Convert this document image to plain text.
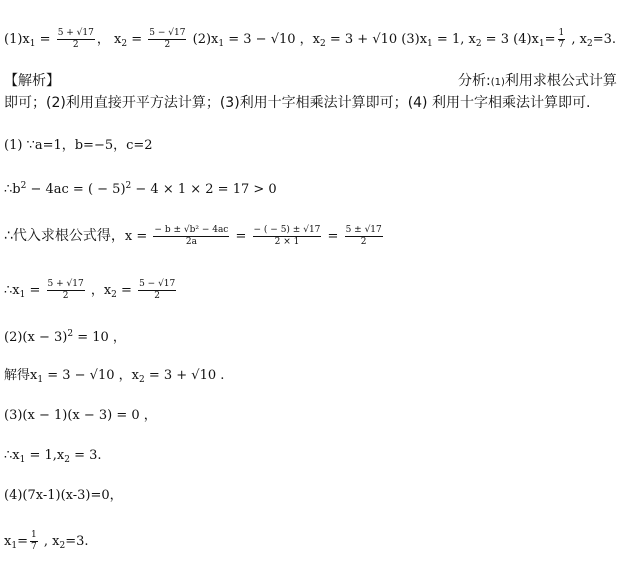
$(1)x_1 = \frac{5 + √17}{2}$ ， $x_2 = \frac{5 - √17}{2} (2)x_1 = 3 - √10$ ，$x_2 = 3 + √10$ $(3)x_1 = 1$, $x_2 = 3$ $(4)x_1= \frac{1}{7}$ , $x_2=3$.
【解析】	分析:(1)利用求根公式计算
即可；(2)利用直接开平方法计算；(3)利用十字相乘法计算即可；(4) 利用十字相乘法计算即可.
(1) ∵a=1，b=−5，c=2
$\therefore b^2 - 4ac$ = ( − 5)$^2$ − 4 × 1 × 2 = 17 > 0
∴代入求根公式得，$x = \frac{\text{− b ± √b² − 4ac}}{2a} = \frac{- ( - 5) \pm √17}{2 \times 1} = \frac{5 \pm √17}{2}$
$\therefore x_1 = \frac{5 + √17}{2}$ ，$x_2 = \frac{5 - √17}{2}$
$(2)(x - 3)^2 = 10$ ，
解得$x_1 = 3 - √10$ ，$x_2 = 3 + √10$ .
(3)(x − 1)(x − 3) = 0 ，
$\therefore x_1 = 1,x_2 = 3$.
(4)(7x-1)(x-3)=0，
$x_1= \frac{1}{7}$ , $x_2=3$.
